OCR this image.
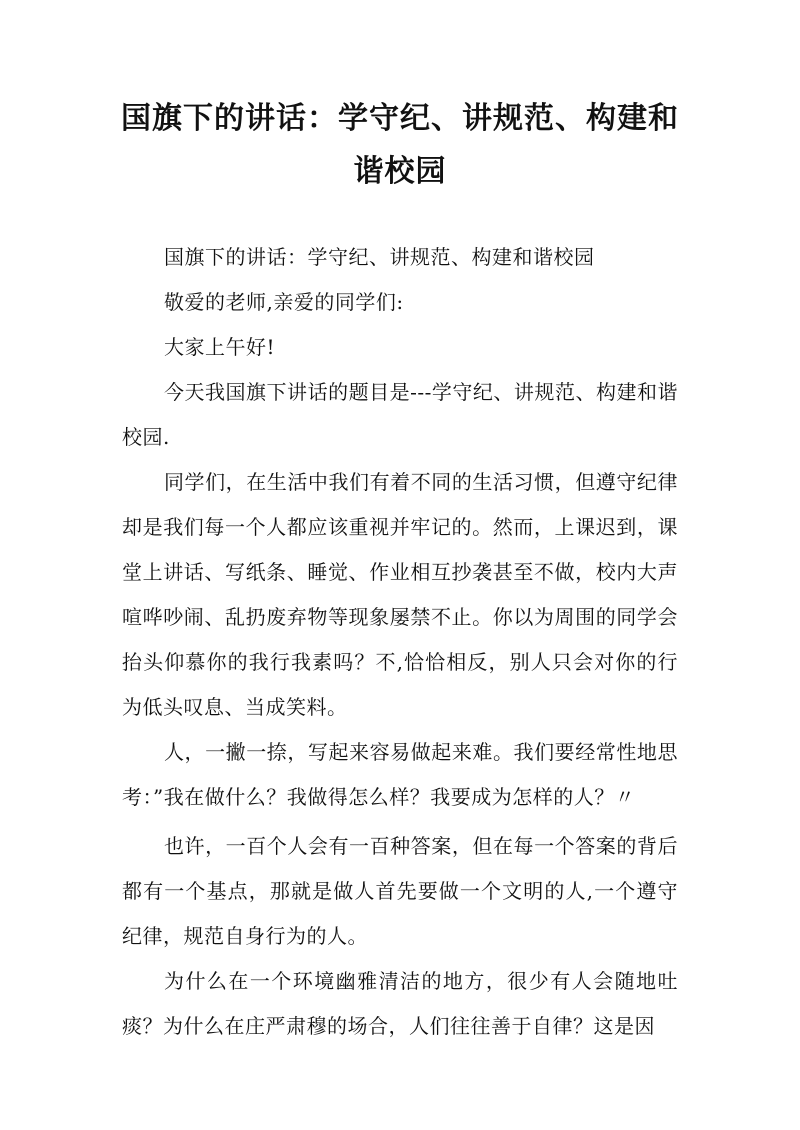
国旗下的讲话：学守纪、讲规范、构建和谐校园

国旗下的讲话：学守纪、讲规范、构建和谐校园

敬爱的老师,亲爱的同学们:

大家上午好!

今天我国旗下讲话的题目是---学守纪、讲规范、构建和谐校园.

同学们，在生活中我们有着不同的生活习惯，但遵守纪律却是我们每一个人都应该重视并牢记的。然而，上课迟到，课堂上讲话、写纸条、睡觉、作业相互抄袭甚至不做，校内大声喧哗吵闹、乱扔废弃物等现象屡禁不止。你以为周围的同学会抬头仰慕你的我行我素吗？不,恰恰相反，别人只会对你的行为低头叹息、当成笑料。

人，一撇一捺，写起来容易做起来难。我们要经常性地思考：”我在做什么？我做得怎么样？我要成为怎样的人？〃

也许，一百个人会有一百种答案，但在每一个答案的背后都有一个基点，那就是做人首先要做一个文明的人,一个遵守纪律，规范自身行为的人。

为什么在一个环境幽雅清洁的地方，很少有人会随地吐痰？为什么在庄严肃穆的场合，人们往往善于自律？这是因
